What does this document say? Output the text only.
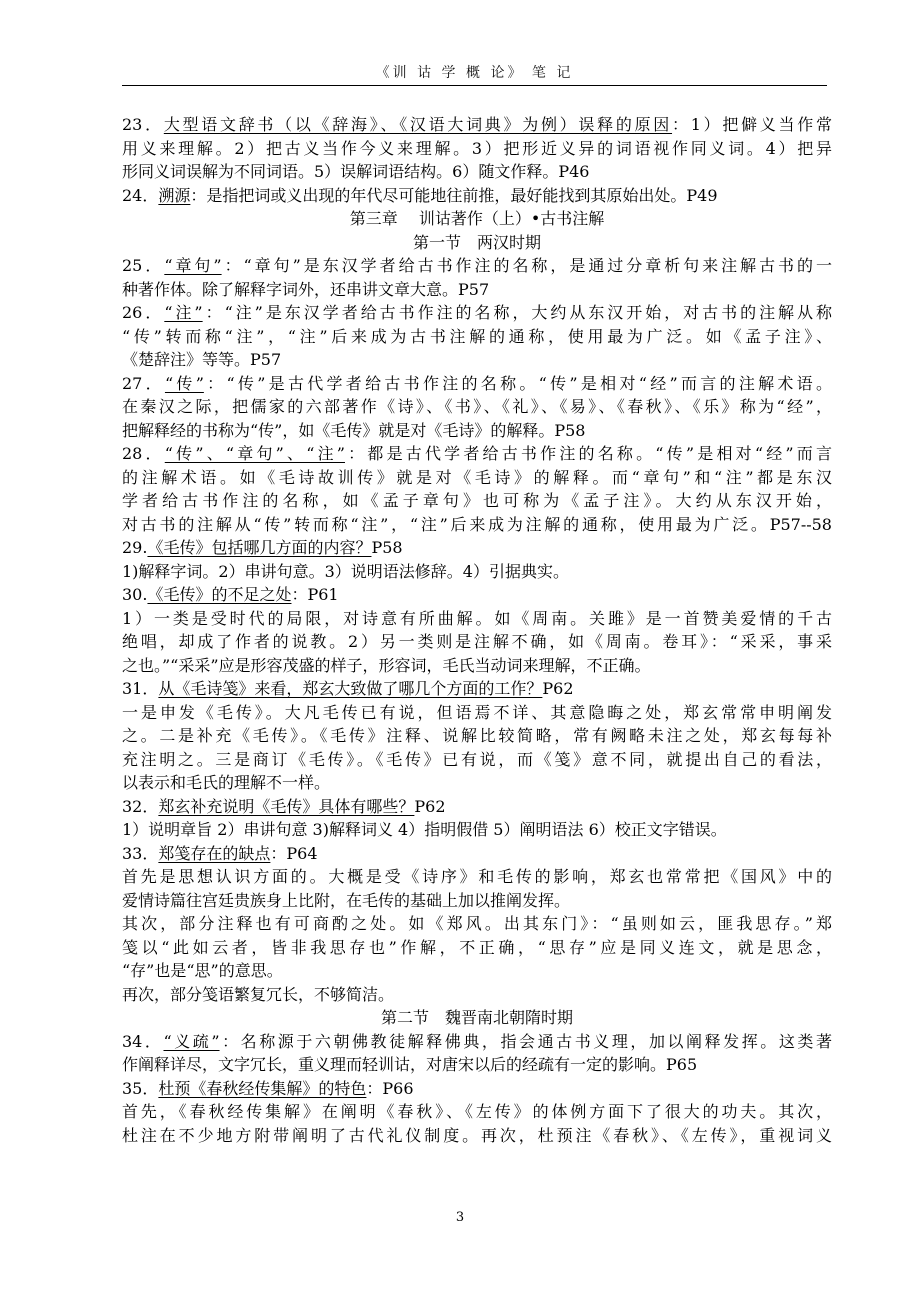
《训 诂 学 概 论》 笔 记
23．大型语文辞书（以《辞海》、《汉语大词典》为例）误释的原因：1）把僻义当作常
用义来理解。2）把古义当作今义来理解。3）把形近义异的词语视作同义词。4）把异
形同义词误解为不同词语。5）误解词语结构。6）随文作释。P46
24．溯源：是指把词或义出现的年代尽可能地往前推，最好能找到其原始出处。P49
第三章　 训诂著作（上）•古书注解
第一节　两汉时期
25．“章句”：“章句”是东汉学者给古书作注的名称，是通过分章析句来注解古书的一
种著作体。除了解释字词外，还串讲文章大意。P57
26．“注”：“注”是东汉学者给古书作注的名称，大约从东汉开始，对古书的注解从称
“传”转而称“注”，“注”后来成为古书注解的通称，使用最为广泛。如《孟子注》、
《楚辞注》等等。P57
27．“传”：“传”是古代学者给古书作注的名称。“传”是相对“经”而言的注解术语。
在秦汉之际，把儒家的六部著作《诗》、《书》、《礼》、《易》、《春秋》、《乐》称为“经”，
把解释经的书称为“传”，如《毛传》就是对《毛诗》的解释。P58
28．“传”、“章句”、“注”：都是古代学者给古书作注的名称。“传”是相对“经”而言
的注解术语。如《毛诗故训传》就是对《毛诗》的解释。而“章句”和“注”都是东汉
学者给古书作注的名称，如《孟子章句》也可称为《孟子注》。大约从东汉开始，
对古书的注解从“传”转而称“注”，“注”后来成为注解的通称，使用最为广泛。P57--58
29.《毛传》包括哪几方面的内容？P58
1)解释字词。2）串讲句意。3）说明语法修辞。4）引据典实。
30.《毛传》的不足之处：P61
1）一类是受时代的局限，对诗意有所曲解。如《周南。关雎》是一首赞美爱情的千古
绝唱，却成了作者的说教。2）另一类则是注解不确，如《周南。卷耳》：“采采，事采
之也。”“采采”应是形容茂盛的样子，形容词，毛氏当动词来理解，不正确。
31．从《毛诗笺》来看，郑玄大致做了哪几个方面的工作？P62
一是申发《毛传》。大凡毛传已有说，但语焉不详、其意隐晦之处，郑玄常常申明阐发
之。二是补充《毛传》。《毛传》注释、说解比较简略，常有阙略未注之处，郑玄每每补
充注明之。三是商订《毛传》。《毛传》已有说，而《笺》意不同，就提出自己的看法，
以表示和毛氏的理解不一样。
32．郑玄补充说明《毛传》具体有哪些？P62
1）说明章旨 2）串讲句意 3)解释词义 4）指明假借 5）阐明语法 6）校正文字错误。
33．郑笺存在的缺点：P64
首先是思想认识方面的。大概是受《诗序》和毛传的影响，郑玄也常常把《国风》中的
爱情诗篇往宫廷贵族身上比附，在毛传的基础上加以推阐发挥。
其次，部分注释也有可商酌之处。如《郑风。出其东门》：“虽则如云，匪我思存。”郑
笺以“此如云者，皆非我思存也”作解，不正确，“思存”应是同义连文，就是思念，
“存”也是“思”的意思。
再次，部分笺语繁复冗长，不够简洁。
第二节　魏晋南北朝隋时期
34．“义疏”：名称源于六朝佛教徒解释佛典，指会通古书义理，加以阐释发挥。这类著
作阐释详尽，文字冗长，重义理而轻训诂，对唐宋以后的经疏有一定的影响。P65
35．杜预《春秋经传集解》的特色：P66
首先，《春秋经传集解》在阐明《春秋》、《左传》的体例方面下了很大的功夫。其次，
杜注在不少地方附带阐明了古代礼仪制度。再次，杜预注《春秋》、《左传》，重视词义
3
